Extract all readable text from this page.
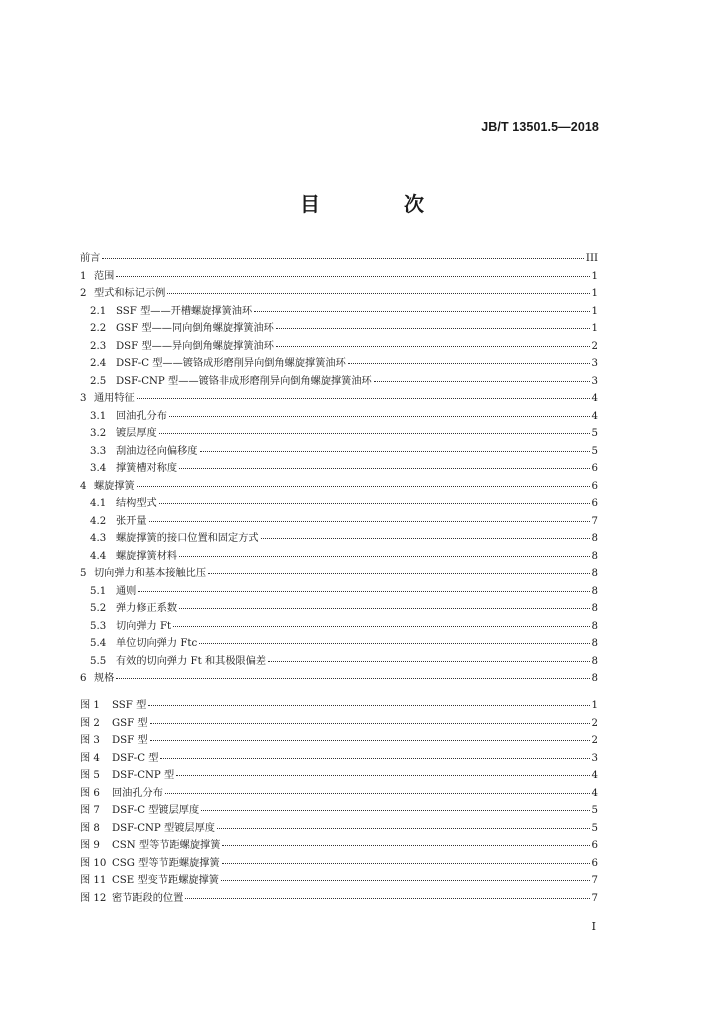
JB/T 13501.5—2018
目　次
前言	III
1 范围	1
2 型式和标记示例	1
2.1 SSF 型——开槽螺旋撑簧油环	1
2.2 GSF 型——同向倒角螺旋撑簧油环	1
2.3 DSF 型——异向倒角螺旋撑簧油环	2
2.4 DSF-C 型——镀铬成形磨削异向倒角螺旋撑簧油环	3
2.5 DSF-CNP 型——镀铬非成形磨削异向倒角螺旋撑簧油环	3
3 通用特征	4
3.1 回油孔分布	4
3.2 镀层厚度	5
3.3 刮油边径向偏移度	5
3.4 撑簧槽对称度	6
4 螺旋撑簧	6
4.1 结构型式	6
4.2 张开量	7
4.3 螺旋撑簧的接口位置和固定方式	8
4.4 螺旋撑簧材料	8
5 切向弹力和基本接触比压	8
5.1 通则	8
5.2 弹力修正系数	8
5.3 切向弹力 Ft	8
5.4 单位切向弹力 Ftc	8
5.5 有效的切向弹力 Ft 和其极限偏差	8
6 规格	8
图 1	SSF 型	1
图 2	GSF 型	2
图 3	DSF 型	2
图 4	DSF-C 型	3
图 5	DSF-CNP 型	4
图 6	回油孔分布	4
图 7	DSF-C 型镀层厚度	5
图 8	DSF-CNP 型镀层厚度	5
图 9	CSN 型等节距螺旋撑簧	6
图 10 CSG 型等节距螺旋撑簧	6
图 11 CSE 型变节距螺旋撑簧	7
图 12 密节距段的位置	7
I
